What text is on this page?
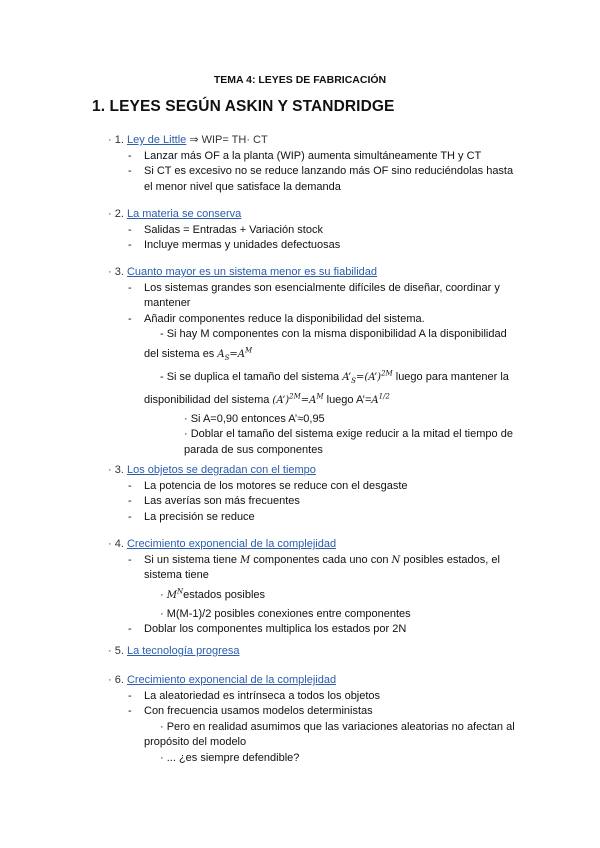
TEMA 4: LEYES DE FABRICACIÓN
1. LEYES SEGÚN ASKIN Y STANDRIDGE
· 1. Ley de Little ⇒ WIP= TH· CT
- Lanzar más OF a la planta (WIP) aumenta simultáneamente TH y CT
- Si CT es excesivo no se reduce lanzando más OF sino reduciéndolas hasta
el menor nivel que satisface la demanda
· 2. La materia se conserva
- Salidas = Entradas + Variación stock
- Incluye mermas y unidades defectuosas
· 3. Cuanto mayor es un sistema menor es su fiabilidad
- Los sistemas grandes son esencialmente difíciles de diseñar, coordinar y
mantener
- Añadir componentes reduce la disponibilidad del sistema.
- Si hay M componentes con la misma disponibilidad A la disponibilidad
del sistema es $A_S=A^M$
- Si se duplica el tamaño del sistema $A’_S=(A’)^{2M}$ luego para mantener la
disponibilidad del sistema $(A’)^{2M}=A^M$ luego $A’=A^{1/2}$
· Si A=0,90 entonces A’≈0,95
· Doblar el tamaño del sistema exige reducir a la mitad el tiempo de
parada de sus componentes
· 3. Los objetos se degradan con el tiempo
- La potencia de los motores se reduce con el desgaste
- Las averías son más frecuentes
- La precisión se reduce
· 4. Crecimiento exponencial de la complejidad
- Si un sistema tiene M componentes cada uno con N posibles estados, el
sistema tiene
· $M^Nestados$ posibles
· M(M-1)/2 posibles conexiones entre componentes
- Doblar los componentes multiplica los estados por 2N
· 5. La tecnología progresa
· 6. Crecimiento exponencial de la complejidad
- La aleatoriedad es intrínseca a todos los objetos
- Con frecuencia usamos modelos deterministas
· Pero en realidad asumimos que las variaciones aleatorias no afectan al
propósito del modelo
· ... ¿es siempre defendible?
